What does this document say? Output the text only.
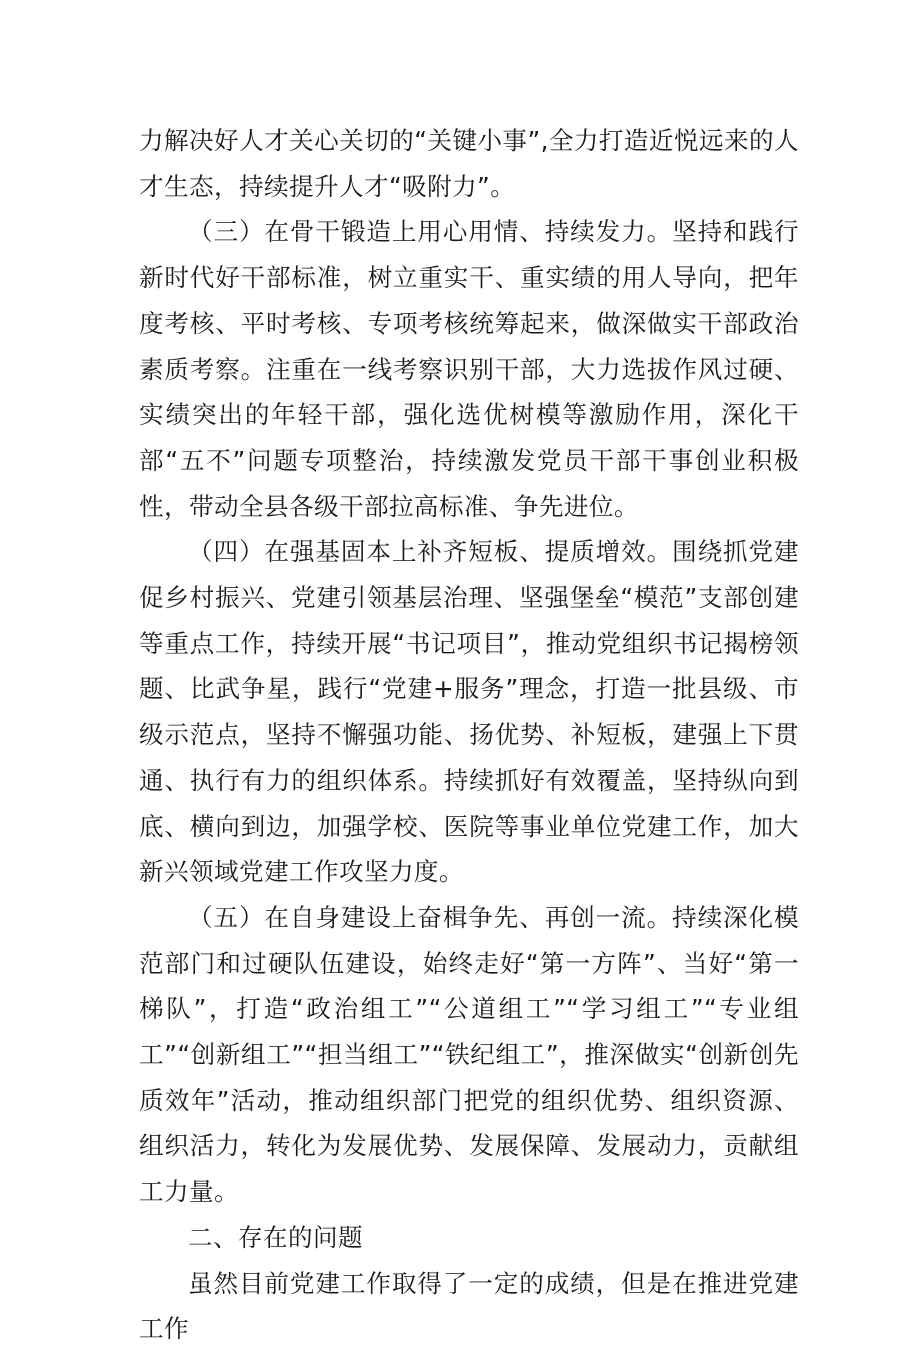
力解决好人才关心关切的“关键小事”,全力打造近悦远来的人才生态，持续提升人才“吸附力”。

（三）在骨干锻造上用心用情、持续发力。坚持和践行新时代好干部标准，树立重实干、重实绩的用人导向，把年度考核、平时考核、专项考核统筹起来，做深做实干部政治素质考察。注重在一线考察识别干部，大力选拔作风过硬、实绩突出的年轻干部，强化选优树模等激励作用，深化干部“五不”问题专项整治，持续激发党员干部干事创业积极性，带动全县各级干部拉高标准、争先进位。

（四）在强基固本上补齐短板、提质增效。围绕抓党建促乡村振兴、党建引领基层治理、坚强堡垒“模范”支部创建等重点工作，持续开展“书记项目”，推动党组织书记揭榜领题、比武争星，践行“党建+服务”理念，打造一批县级、市级示范点，坚持不懈强功能、扬优势、补短板，建强上下贯通、执行有力的组织体系。持续抓好有效覆盖，坚持纵向到底、横向到边，加强学校、医院等事业单位党建工作，加大新兴领域党建工作攻坚力度。

（五）在自身建设上奋楫争先、再创一流。持续深化模范部门和过硬队伍建设，始终走好“第一方阵”、当好“第一梯队”，打造“政治组工”“公道组工”“学习组工”“专业组工”“创新组工”“担当组工”“铁纪组工”，推深做实“创新创先质效年”活动，推动组织部门把党的组织优势、组织资源、组织活力，转化为发展优势、发展保障、发展动力，贡献组工力量。

二、存在的问题

虽然目前党建工作取得了一定的成绩，但是在推进党建工作
